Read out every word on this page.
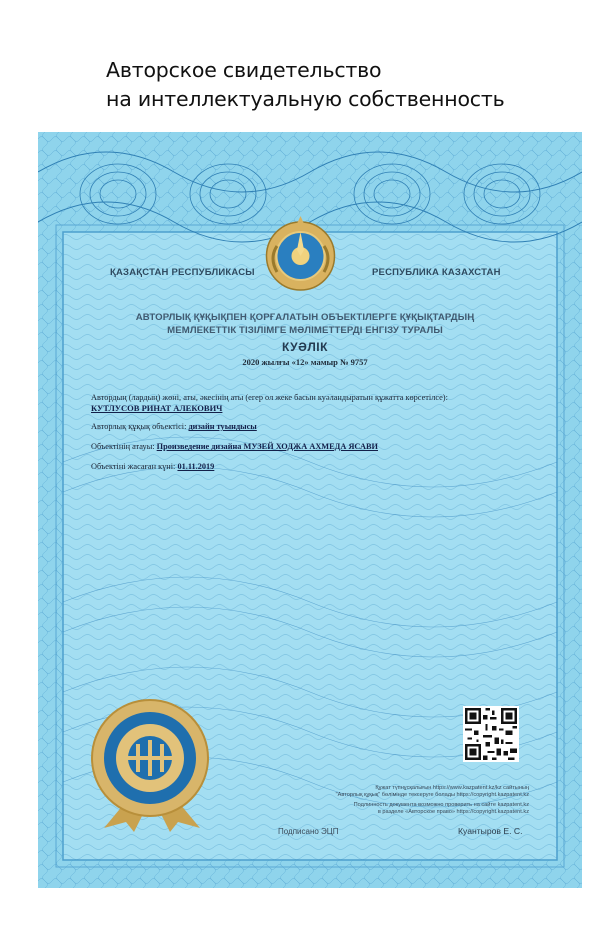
Авторское свидетельство
на интеллектуальную собственность
ҚАЗАҚСТАН РЕСПУБЛИКАСЫ	РЕСПУБЛИКА КАЗАХСТАН
АВТОРЛЫҚ ҚҰҚЫҚПЕН ҚОРҒАЛАТЫН ОБЪЕКТІЛЕРГЕ ҚҰҚЫҚТАРДЫҢ
МЕМЛЕКЕТТІК ТІЗІЛІМГЕ МӘЛІМЕТТЕРДІ ЕНГІЗУ ТУРАЛЫ
КУӘЛІК
2020 жылғы «12» мамыр № 9757
Автордың (лардың) жөні, аты, әкесінің аты (егер ол жеке басын куәландыратын құжатта көрсетілсе):
КУТЛУСОВ РИНАТ АЛЕКОВИЧ
Авторлық құқық объектісі: дизайн туындысы
Объектінің атауы: Произведение дизайна МУЗЕЙ ХОДЖА АХМЕДА ЯСАВИ
Объектіні жасаған күні: 01.11.2019
Құжат түпнұсқалығын https://www.kazpatent.kz/kz сайтының
"Авторлық құқық" бөлімінде тексеруге болады https://copyright.kazpatent.kz
Подлинность документа возможно проверить на сайте kazpatent.kz
в разделе «Авторское право» https://copyright.kazpatent.kz
Подписано ЭЦП	Куантыров Е. С.
